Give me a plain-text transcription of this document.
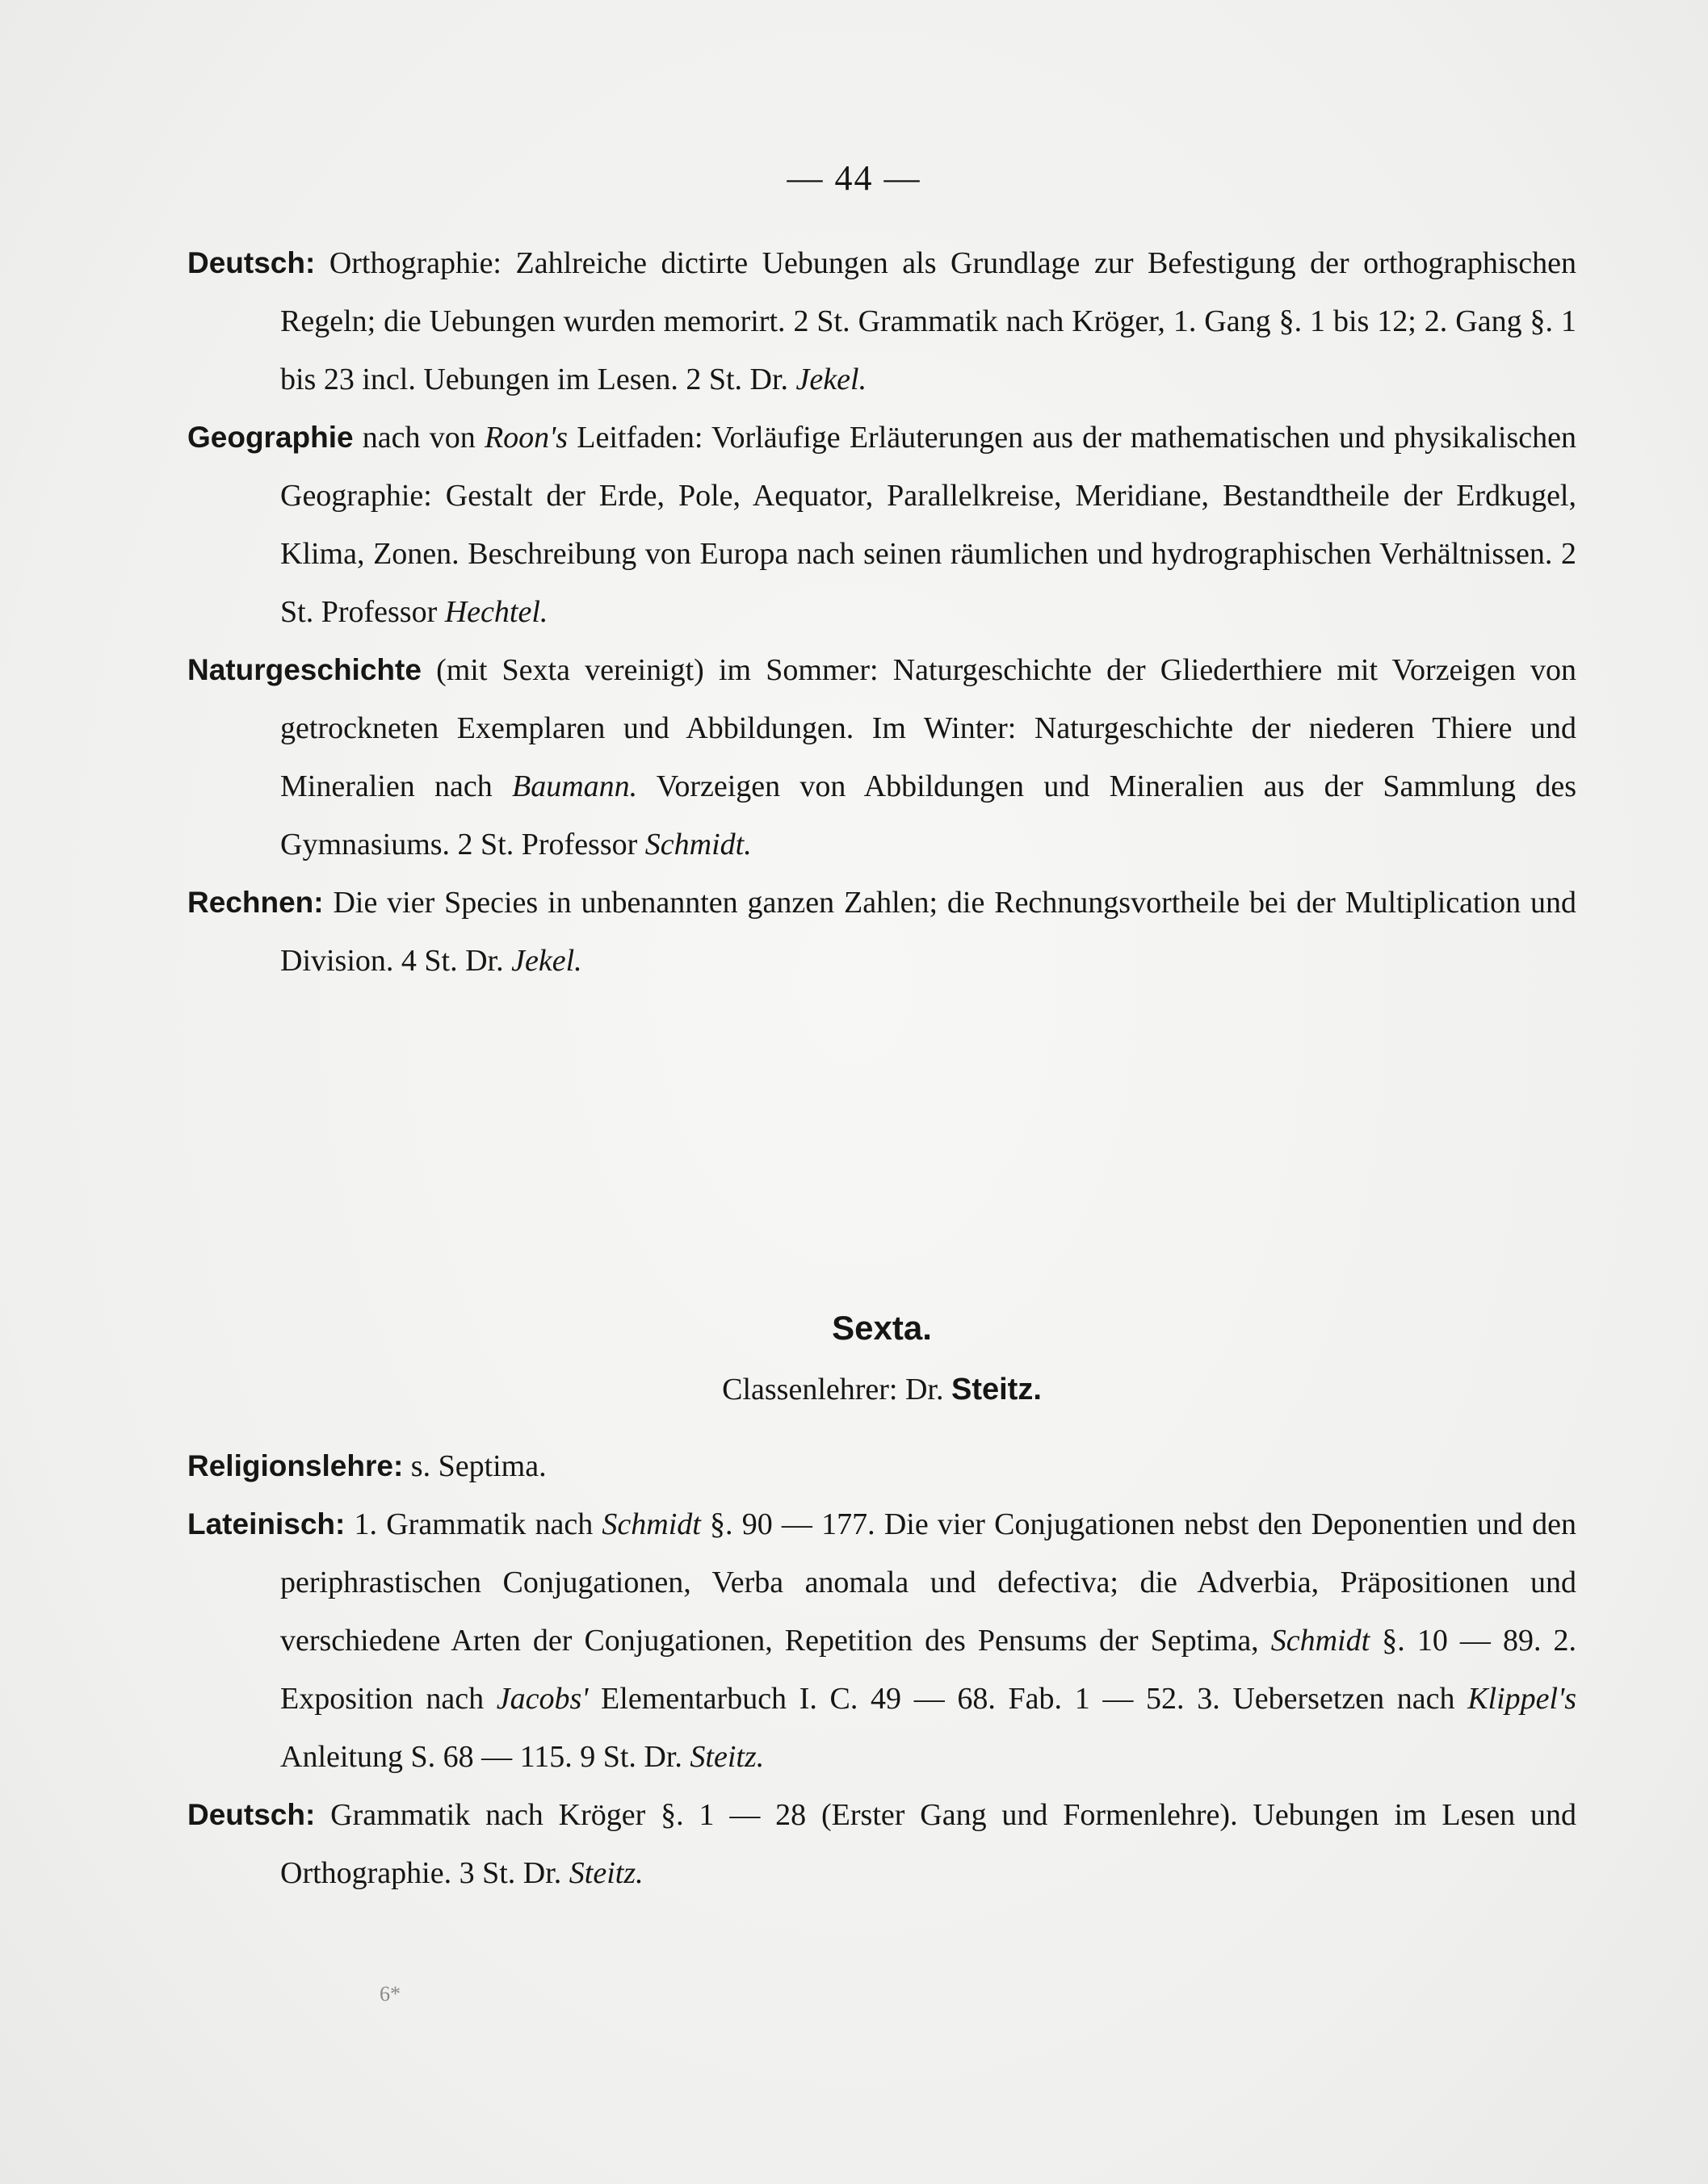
— 44 —

Deutsch: Orthographie: Zahlreiche dictirte Uebungen als Grundlage zur Befestigung der orthographischen Regeln; die Uebungen wurden memorirt. 2 St. Grammatik nach Kröger, 1. Gang §. 1 bis 12; 2. Gang §. 1 bis 23 incl. Uebungen im Lesen. 2 St. Dr. Jekel.

Geographie nach von Roon's Leitfaden: Vorläufige Erläuterungen aus der mathematischen und physikalischen Geographie: Gestalt der Erde, Pole, Aequator, Parallelkreise, Meridiane, Bestandtheile der Erdkugel, Klima, Zonen. Beschreibung von Europa nach seinen räumlichen und hydrographischen Verhältnissen. 2 St. Professor Hechtel.

Naturgeschichte (mit Sexta vereinigt) im Sommer: Naturgeschichte der Gliederthiere mit Vorzeigen von getrockneten Exemplaren und Abbildungen. Im Winter: Naturgeschichte der niederen Thiere und Mineralien nach Baumann. Vorzeigen von Abbildungen und Mineralien aus der Sammlung des Gymnasiums. 2 St. Professor Schmidt.

Rechnen: Die vier Species in unbenannten ganzen Zahlen; die Rechnungsvortheile bei der Multiplication und Division. 4 St. Dr. Jekel.

Sexta.

Classenlehrer: Dr. Steitz.

Religionslehre: s. Septima.

Lateinisch: 1. Grammatik nach Schmidt §. 90 — 177. Die vier Conjugationen nebst den Deponentien und den periphrastischen Conjugationen, Verba anomala und defectiva; die Adverbia, Präpositionen und verschiedene Arten der Conjugationen, Repetition des Pensums der Septima, Schmidt §. 10 — 89. 2. Exposition nach Jacobs' Elementarbuch I. C. 49 — 68. Fab. 1 — 52. 3. Uebersetzen nach Klippel's Anleitung S. 68 — 115. 9 St. Dr. Steitz.

Deutsch: Grammatik nach Kröger §. 1 — 28 (Erster Gang und Formenlehre). Uebungen im Lesen und Orthographie. 3 St. Dr. Steitz.

6*
